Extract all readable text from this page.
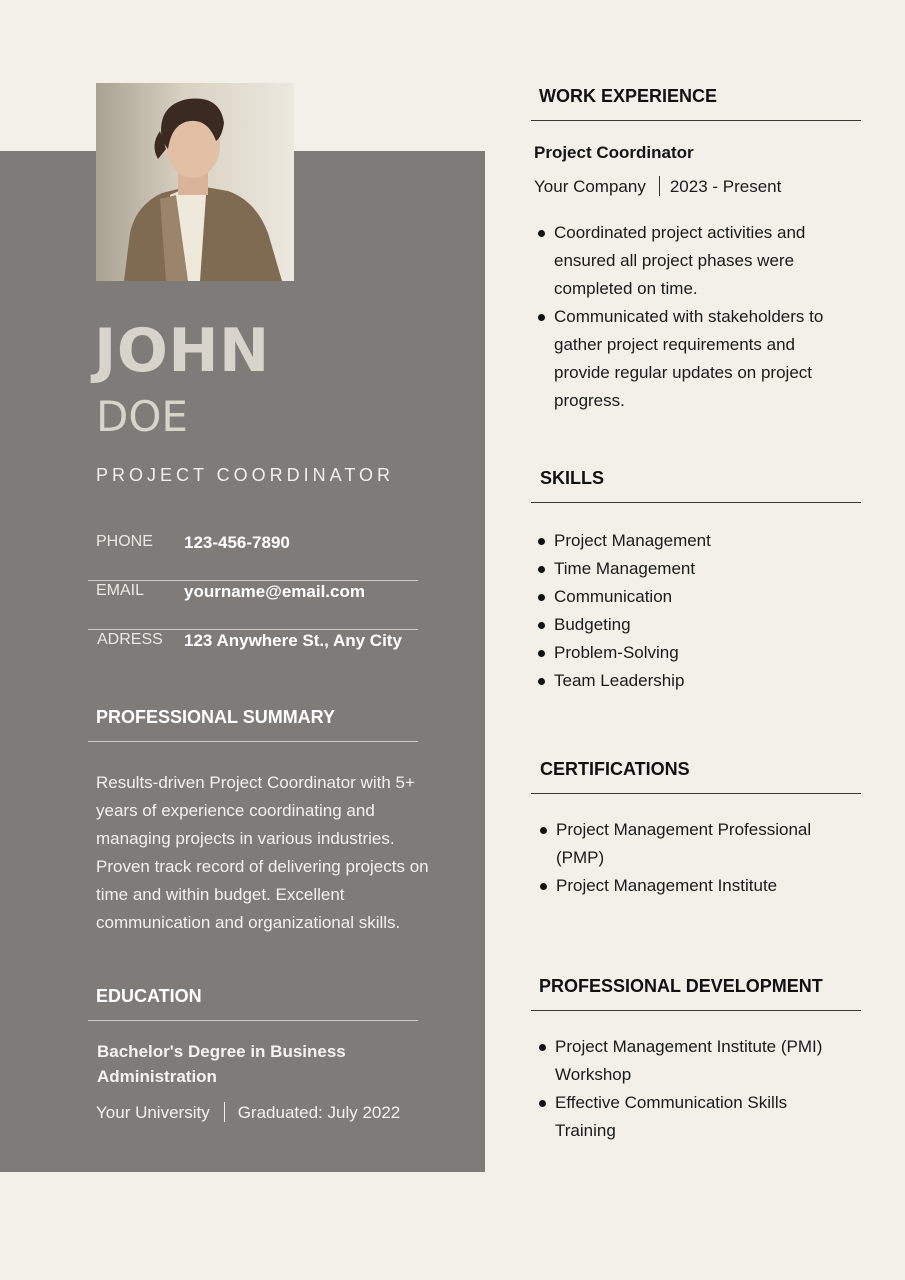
JOHN
DOE
PROJECT COORDINATOR
PHONE 123-456-7890
EMAIL yourname@email.com
ADRESS 123 Anywhere St., Any City
PROFESSIONAL SUMMARY

Results-driven Project Coordinator with 5+ years of experience coordinating and managing projects in various industries. Proven track record of delivering projects on time and within budget. Excellent communication and organizational skills.

EDUCATION
Bachelor's Degree in Business Administration
Your University Graduated: July 2022
WORK EXPERIENCE
Project Coordinator
Your Company 2023 - Present
Coordinated project activities and ensured all project phases were completed on time.
Communicated with stakeholders to gather project requirements and provide regular updates on project progress.
SKILLS
Project Management
Time Management
Communication
Budgeting
Problem-Solving
Team Leadership
CERTIFICATIONS
Project Management Professional (PMP)
Project Management Institute
PROFESSIONAL DEVELOPMENT
Project Management Institute (PMI) Workshop
Effective Communication Skills Training
